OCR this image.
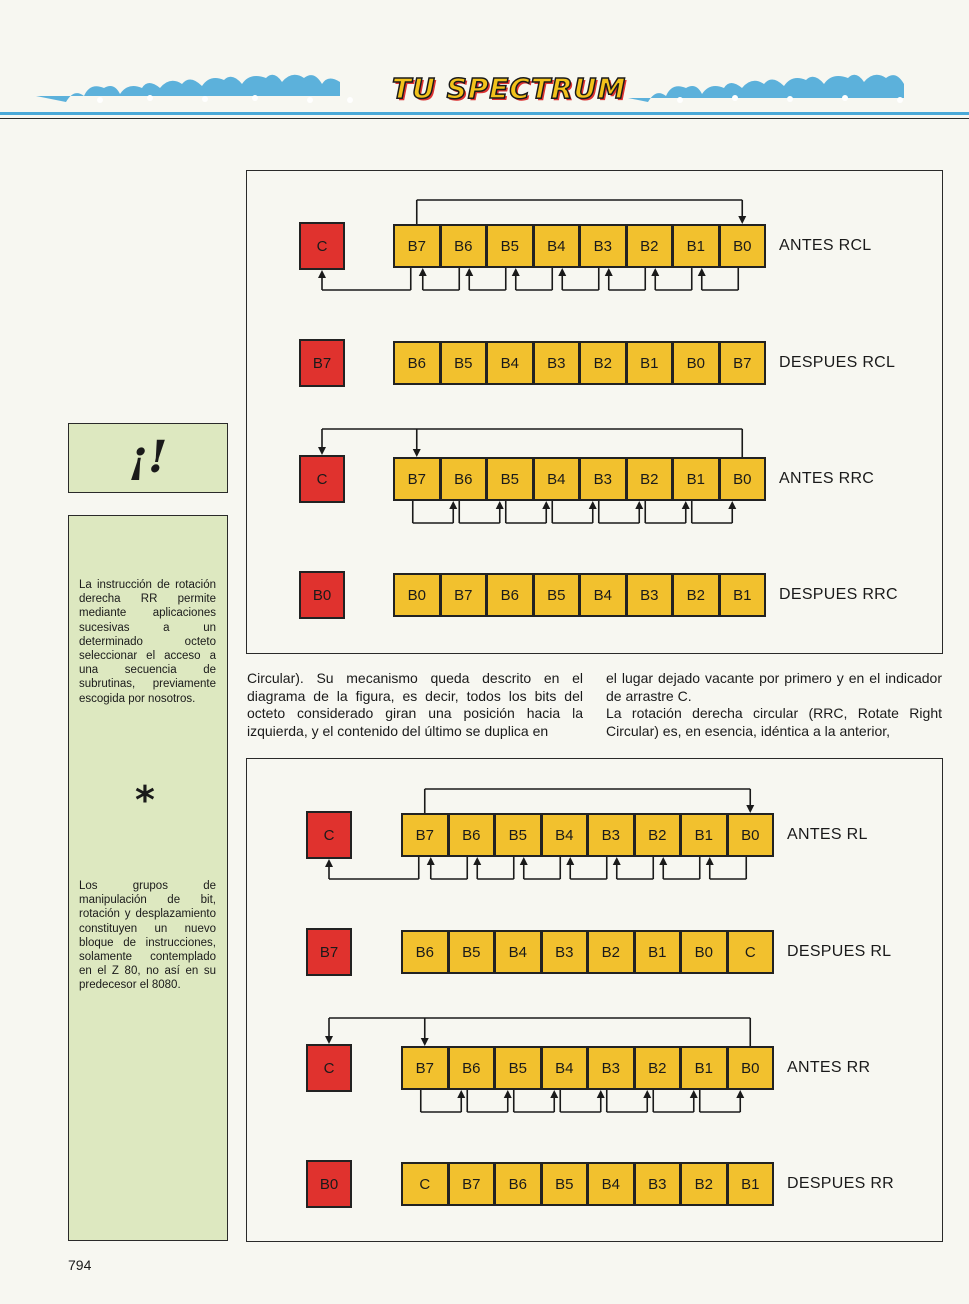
TU SPECTRUM
¡!
La instrucción de rotación derecha RR permite mediante aplicaciones sucesivas a un determinado octeto seleccionar el acceso a una secuencia de subrutinas, previamente escogida por nosotros.
*
Los grupos de manipulación de bit, rotación y desplazamiento constituyen un nuevo bloque de instrucciones, solamente contemplado en el Z 80, no así en su predecesor el 8080.
C	B7	B6	B5	B4	B3	B2	B1	B0	ANTES RCL
B7	B6	B5	B4	B3	B2	B1	B0	B7	DESPUES RCL
C	B7	B6	B5	B4	B3	B2	B1	B0	ANTES RRC
B0	B0	B7	B6	B5	B4	B3	B2	B1	DESPUES RRC
Circular). Su mecanismo queda descrito en el diagrama de la figura, es decir, todos los bits del octeto considerado giran una posición hacia la izquierda, y el contenido del último se duplica en
el lugar dejado vacante por primero y en el indicador de arrastre C.
La rotación derecha circular (RRC, Rotate Right Circular) es, en esencia, idéntica a la anterior,
C	B7	B6	B5	B4	B3	B2	B1	B0	ANTES RL
B7	B6	B5	B4	B3	B2	B1	B0	C	DESPUES RL
C	B7	B6	B5	B4	B3	B2	B1	B0	ANTES RR
B0	C	B7	B6	B5	B4	B3	B2	B1	DESPUES RR
794
